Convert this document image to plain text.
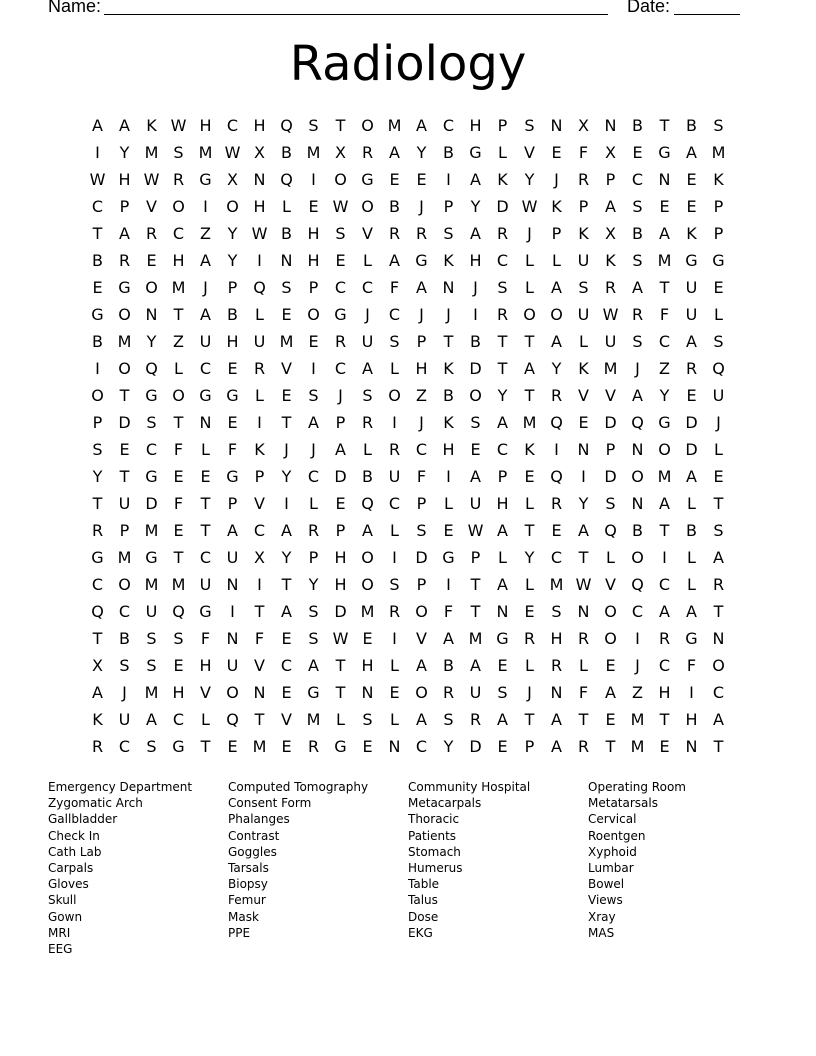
Name:	Date:
Radiology
A	A	K W H C H Q S	T O M A C H	P	S N X N B	T	B	S
I	Y M S M W X	B M X R A	Y	B G	L	V	E	F	X	E G A M
W H W R G X N Q	I	O G E	E	I	A	K	Y	J	R	P	C N E	K
C	P	V O	I	O H	L	E W O B	J	P	Y D W K	P	A	S	E	E	P
T	A R C Z	Y W B H S	V R R	S	A R	J	P	K	X	B	A	K	P
B R	E H A	Y	I	N H E	L	A G K H C	L	L	U K	S M G G
E G O M	J	P Q S	P	C C	F	A N	J	S	L	A	S	R A	T	U	E
G O N	T	A	B	L	E O G	J	C	J	J	I	R O O U W R	F	U	L
B M Y	Z U H U M E	R U	S	P	T	B	T	T	A	L	U	S	C A	S
I	O Q	L	C	E	R V	I	C A	L	H K D T	A	Y	K M	J	Z R Q
O T G O G G	L	E	S	J	S O Z	B O Y	T	R V	V	A	Y	E	U
P	D S	T	N E	I	T	A	P	R	I	J	K	S	A M Q E D Q G D	J
S	E	C	F	L	F	K	J	J	A	L	R C H E	C	K	I	N	P	N O D	L
Y	T G E	E G P	Y	C D B U	F	I	A	P	E Q	I	D O M A	E
T	U D	F	T	P	V	I	L	E Q C	P	L	U H	L	R	Y	S N A	L	T
R	P M E	T	A C A R	P	A	L	S	E W A	T	E	A Q B	T	B	S
G M G T	C U X	Y	P	H O	I	D G P	L	Y	C	T	L	O	I	L	A
C O M M U N	I	T	Y	H O S	P	I	T	A	L M W V Q C	L	R
Q C U Q G	I	T	A	S D M R O	F	T	N E	S N O C A	A	T
T	B	S	S	F	N	F	E	S W E	I	V	A M G R H R O	I	R G N
X	S	S	E H U V C A	T	H	L	A	B	A	E	L	R	L	E	J	C	F	O
A	J	M H V O N E G T	N E O R U	S	J	N	F	A	Z H	I	C
K U A C	L	Q T	V M L	S	L	A	S	R A	T	A	T	E M T	H A
R C	S G T	E M E	R G E N C	Y D E	P	A R	T M E N	T
Emergency Department
Zygomatic Arch
Gallbladder
Check In
Cath Lab
Carpals
Gloves
Skull
Gown
MRI
EEG
Computed Tomography
Consent Form
Phalanges
Contrast
Goggles
Tarsals
Biopsy
Femur
Mask
PPE
Community Hospital
Metacarpals
Thoracic
Patients
Stomach
Humerus
Table
Talus
Dose
EKG
Operating Room
Metatarsals
Cervical
Roentgen
Xyphoid
Lumbar
Bowel
Views
Xray
MAS
